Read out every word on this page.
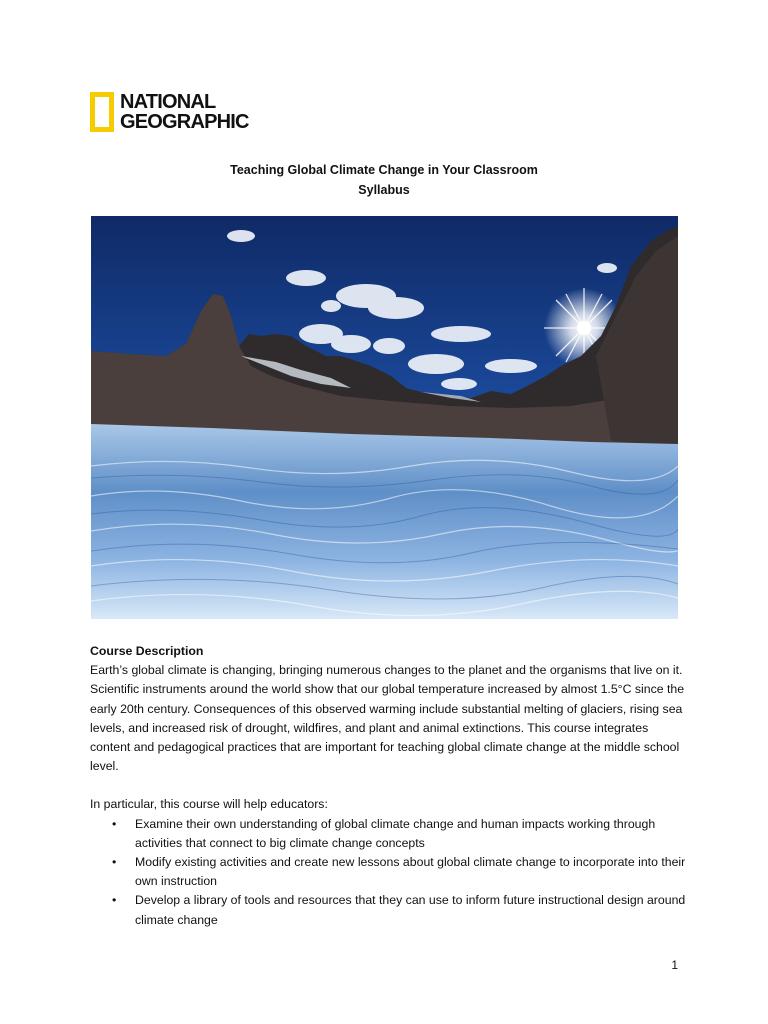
NATIONAL
GEOGRAPHIC
Teaching Global Climate Change in Your Classroom
Syllabus
Course Description

Earth’s global climate is changing, bringing numerous changes to the planet and the organisms that live on it. Scientific instruments around the world show that our global temperature increased by almost 1.5°C since the early 20th century. Consequences of this observed warming include substantial melting of glaciers, rising sea levels, and increased risk of drought, wildfires, and plant and animal extinctions. This course integrates content and pedagogical practices that are important for teaching global climate change at the middle school level.

In particular, this course will help educators:
• Examine their own understanding of global climate change and human impacts working through activities that connect to big climate change concepts
• Modify existing activities and create new lessons about global climate change to incorporate into their own instruction
• Develop a library of tools and resources that they can use to inform future instructional design around climate change
1
